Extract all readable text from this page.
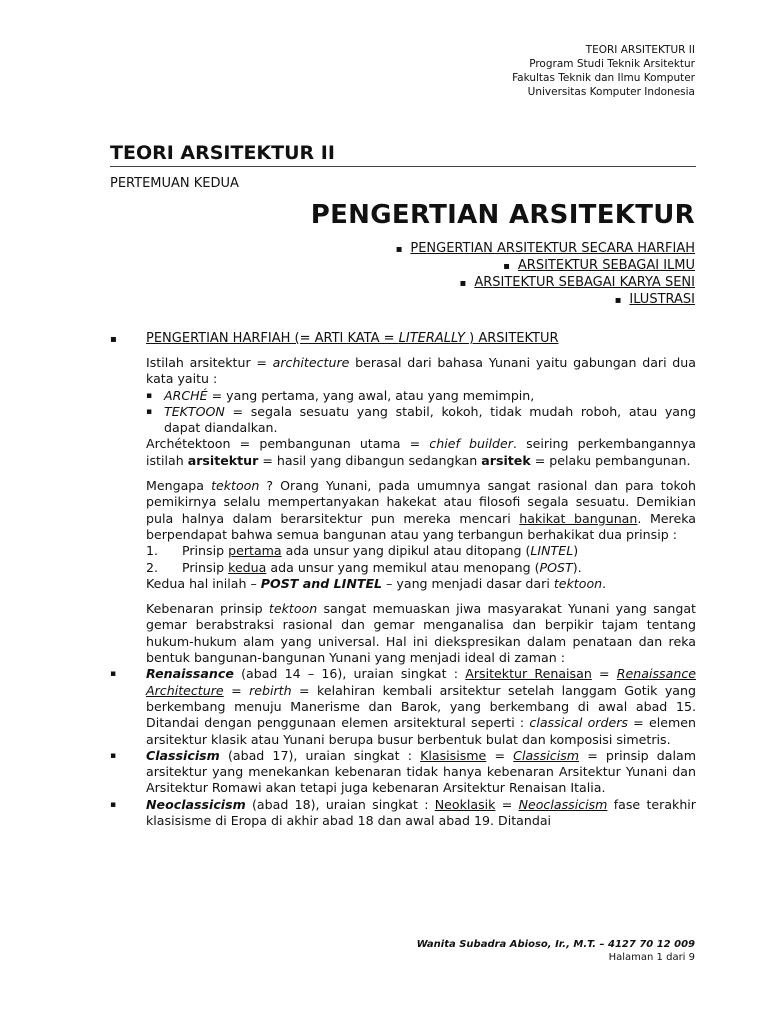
TEORI ARSITEKTUR II
Program Studi Teknik Arsitektur
Fakultas Teknik dan Ilmu Komputer
Universitas Komputer Indonesia
TEORI ARSITEKTUR II
PERTEMUAN KEDUA
PENGERTIAN ARSITEKTUR
▪ PENGERTIAN ARSITEKTUR SECARA HARFIAH
▪ ARSITEKTUR SEBAGAI ILMU
▪ ARSITEKTUR SEBAGAI KARYA SENI
▪ ILUSTRASI
▪ PENGERTIAN HARFIAH (= ARTI KATA = LITERALLY ) ARSITEKTUR

Istilah arsitektur = architecture berasal dari bahasa Yunani yaitu gabungan dari dua kata yaitu :

▪ ARCHÉ = yang pertama, yang awal, atau yang memimpin,
▪ TEKTOON = segala sesuatu yang stabil, kokoh, tidak mudah roboh, atau yang dapat diandalkan.

Archétektoon = pembangunan utama = chief builder. seiring perkembangannya istilah arsitektur = hasil yang dibangun sedangkan arsitek = pelaku pembangunan.

Mengapa tektoon ? Orang Yunani, pada umumnya sangat rasional dan para tokoh pemikirnya selalu mempertanyakan hakekat atau filosofi segala sesuatu. Demikian pula halnya dalam berarsitektur pun mereka mencari hakikat bangunan. Mereka berpendapat bahwa semua bangunan atau yang terbangun berhakikat dua prinsip :

1. Prinsip pertama ada unsur yang dipikul atau ditopang (LINTEL)
2. Prinsip kedua ada unsur yang memikul atau menopang (POST).

Kedua hal inilah – POST and LINTEL – yang menjadi dasar dari tektoon.

Kebenaran prinsip tektoon sangat memuaskan jiwa masyarakat Yunani yang sangat gemar berabstraksi rasional dan gemar menganalisa dan berpikir tajam tentang hukum-hukum alam yang universal. Hal ini diekspresikan dalam penataan dan reka bentuk bangunan-bangunan Yunani yang menjadi ideal di zaman :

▪ Renaissance (abad 14 – 16), uraian singkat : Arsitektur Renaisan = Renaissance Architecture = rebirth = kelahiran kembali arsitektur setelah langgam Gotik yang berkembang menuju Manerisme dan Barok, yang berkembang di awal abad 15. Ditandai dengan penggunaan elemen arsitektural seperti : classical orders = elemen arsitektur klasik atau Yunani berupa busur berbentuk bulat dan komposisi simetris.
▪ Classicism (abad 17), uraian singkat : Klasisisme = Classicism = prinsip dalam arsitektur yang menekankan kebenaran tidak hanya kebenaran Arsitektur Yunani dan Arsitektur Romawi akan tetapi juga kebenaran Arsitektur Renaisan Italia.
▪ Neoclassicism (abad 18), uraian singkat : Neoklasik = Neoclassicism fase terakhir klasisisme di Eropa di akhir abad 18 dan awal abad 19. Ditandai
Wanita Subadra Abioso, Ir., M.T. – 4127 70 12 009
Halaman 1 dari 9
